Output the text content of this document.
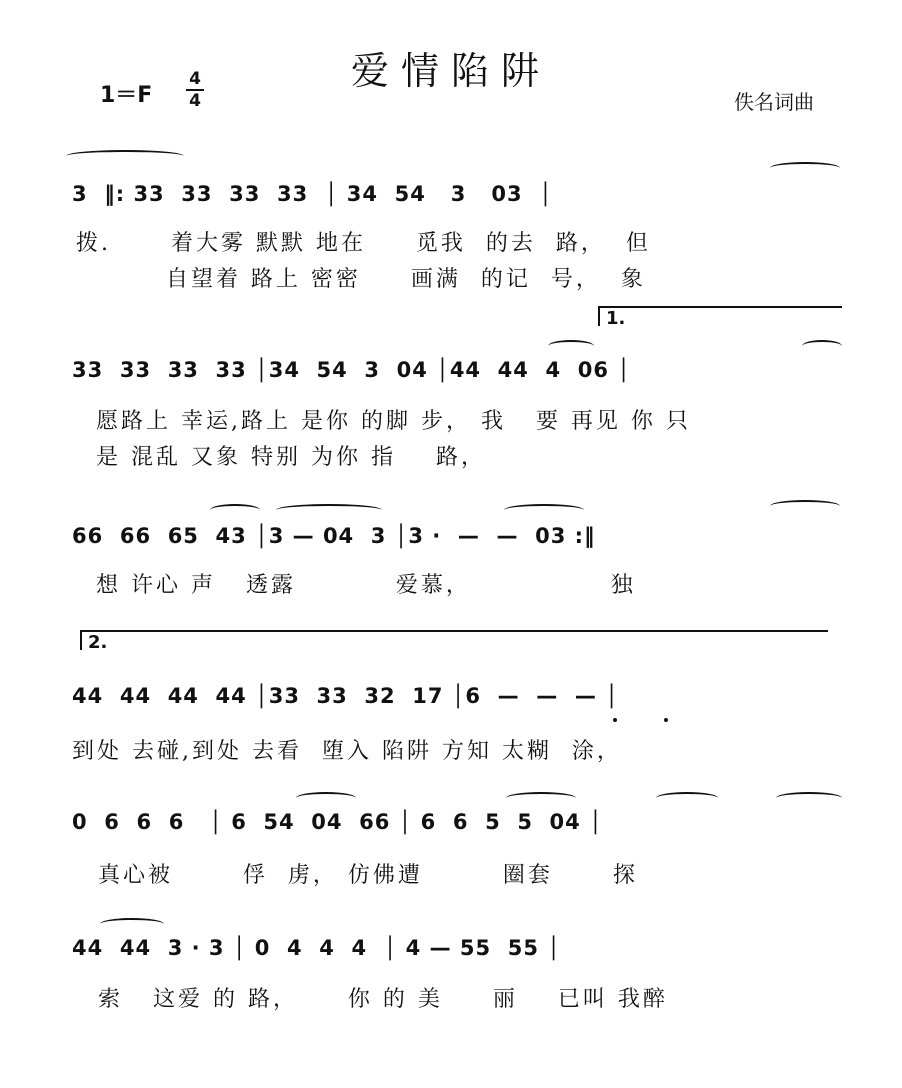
爱情陷阱
1＝F
4
4	佚名词曲
3  ‖: 33  33  33  33  │ 34  54   3   03  │
拨.      着大雾 默默 地在     觅我  的去  路，  但
自望着 路上 密密     画满  的记  号，  象
1.
33  33  33  33 │34  54  3  04 │44  44  4  06 │
愿路上 幸运,路上 是你 的脚 步， 我   要 再见 你 只
是 混乱 又象 特别 为你 指    路，
66  66  65  43 │3 — 04  3 │3 ·  —  —  03 :‖
想 许心 声   透露          爱慕，              独
2.
44  44  44  44 │33  33  32  17 │6  —  —  — │
到处 去碰,到处 去看  堕入 陷阱 方知 太糊  涂，
0  6  6  6   │ 6  54  04  66 │ 6  6  5  5  04 │
真心被       俘  虏， 仿佛遭        圈套      探
44  44  3 · 3 │ 0  4  4  4  │ 4 — 55  55 │
索   这爱 的 路，     你 的 美     丽    已叫 我醉
